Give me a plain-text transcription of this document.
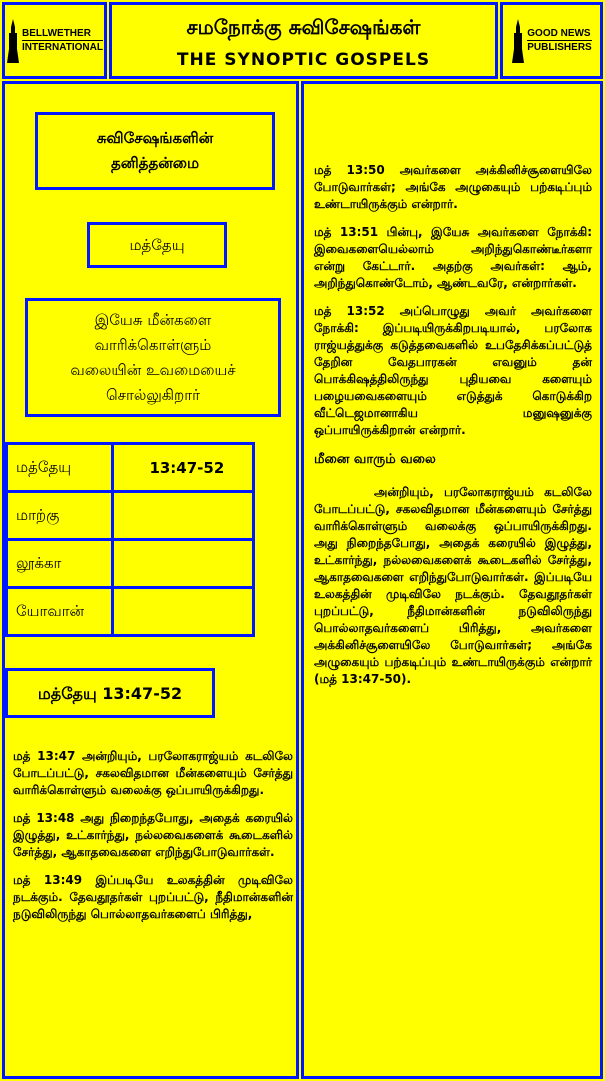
BELLWETHER
INTERNATIONAL
சமநோக்கு சுவிசேஷங்கள்
THE SYNOPTIC GOSPELS
GOOD NEWS
PUBLISHERS
சுவிசேஷங்களின்
தனித்தன்மை
மத்தேயு
இயேசு மீன்களை
வாரிக்கொள்ளும்
வலையின் உவமையைச்
சொல்லுகிறார்
மத்தேயு	13:47-52
மாற்கு	
லூக்கா	
யோவான்	
மத்தேயு 13:47-52

மத் 13:47 அன்றியும், பரலோகராஜ்யம் கடலிலே போடப்பட்டு, சகலவிதமான மீன்களையும் சேர்த்து வாரிக்கொள்ளும் வலைக்கு ஒப்பாயிருக்கிறது.

மத் 13:48 அது நிறைந்தபோது, அதைக் கரையில் இழுத்து, உட்கார்ந்து, நல்லவைகளைக் கூடைகளில் சேர்த்து, ஆகாதவைகளை எறிந்துபோடுவார்கள்.

மத் 13:49 இப்படியே உலகத்தின் முடிவிலே நடக்கும். தேவதூதர்கள் புறப்பட்டு, நீதிமான்களின் நடுவிலிருந்து பொல்லாதவர்களைப் பிரித்து,

மத் 13:50 அவர்களை அக்கினிச்சூளையிலே போடுவார்கள்; அங்கே அழுகையும் பற்கடிப்பும் உண்டாயிருக்கும் என்றார்.

மத் 13:51 பின்பு, இயேசு அவர்களை நோக்கி: இவைகளையெல்லாம் அறிந்துகொண்டீர்களா என்று கேட்டார். அதற்கு அவர்கள்: ஆம், அறிந்துகொண்டோம், ஆண்டவரே, என்றார்கள்.

மத் 13:52 அப்பொழுது அவர் அவர்களை நோக்கி: இப்படியிருக்கிறபடியால், பரலோக ராஜ்யத்துக்கு கடுத்தவைகளில் உபதேசிக்கப்பட்டுத் தேறின வேதபாரகன் எவனும் தன் பொக்கிஷத்திலிருந்து புதியவை களையும் பழையவைகளையும் எடுத்துக் கொடுக்கிற வீட்டெஜமானாகிய மனுஷனுக்கு ஒப்பாயிருக்கிறான் என்றார்.

மீனை வாரும் வலை

அன்றியும், பரலோகராஜ்யம் கடலிலே போடப்பட்டு, சகலவிதமான மீன்களையும் சேர்த்து வாரிக்கொள்ளும் வலைக்கு ஒப்பாயிருக்கிறது. அது நிறைந்தபோது, அதைக் கரையில் இழுத்து, உட்கார்ந்து, நல்லவைகளைக் கூடைகளில் சேர்த்து, ஆகாதவைகளை எறிந்துபோடுவார்கள். இப்படியே உலகத்தின் முடிவிலே நடக்கும். தேவதூதர்கள் புறப்பட்டு, நீதிமான்களின் நடுவிலிருந்து பொல்லாதவர்களைப் பிரித்து, அவர்களை அக்கினிச்சூளையிலே போடுவார்கள்; அங்கே அழுகையும் பற்கடிப்பும் உண்டாயிருக்கும் என்றார் (மத் 13:47-50).
